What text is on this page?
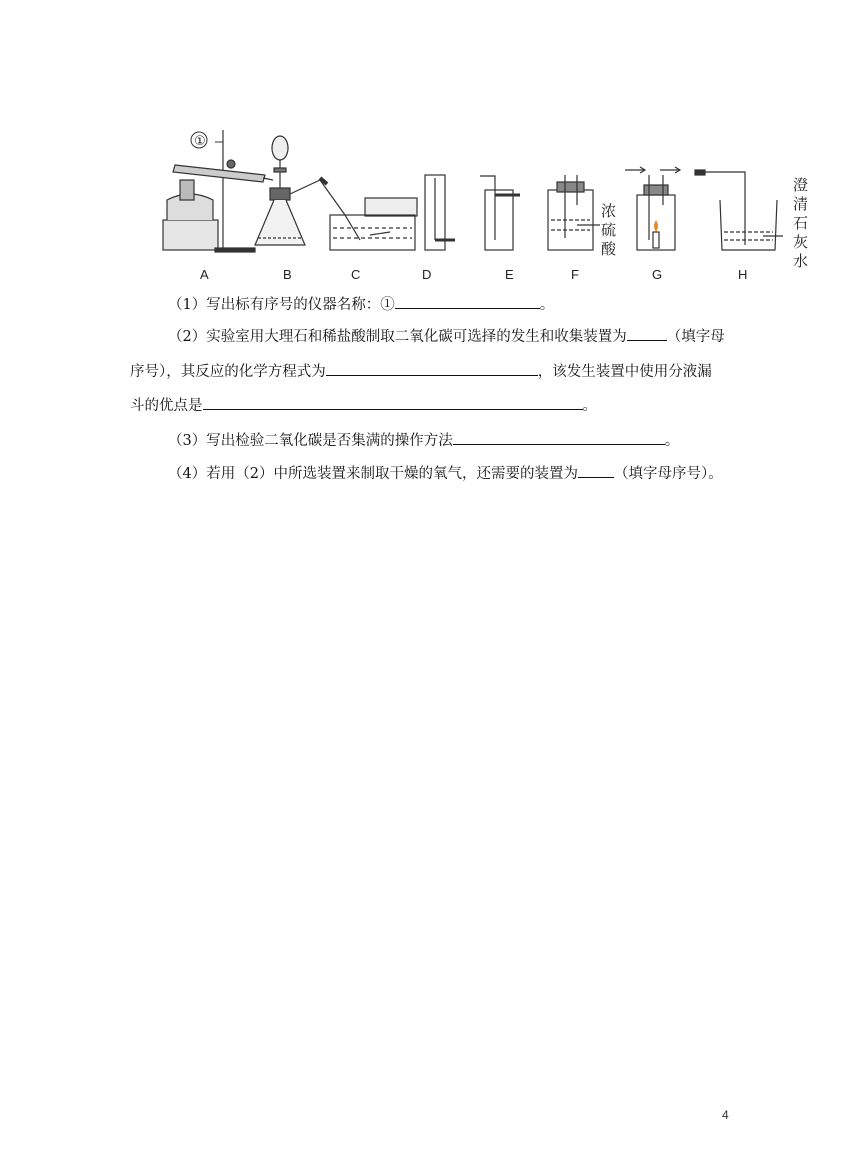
①
浓
硫
酸
澄
清
石
灰
水
A	B	C	D	E	F	G	H
（1）写出标有序号的仪器名称：①	。
（2）实验室用大理石和稀盐酸制取二氧化碳可选择的发生和收集装置为	（填字母
序号），其反应的化学方程式为	，该发生装置中使用分液漏
斗的优点是	。
（3）写出检验二氧化碳是否集满的操作方法	。
（4）若用（2）中所选装置来制取干燥的氧气，还需要的装置为 （填字母序号）。
4
